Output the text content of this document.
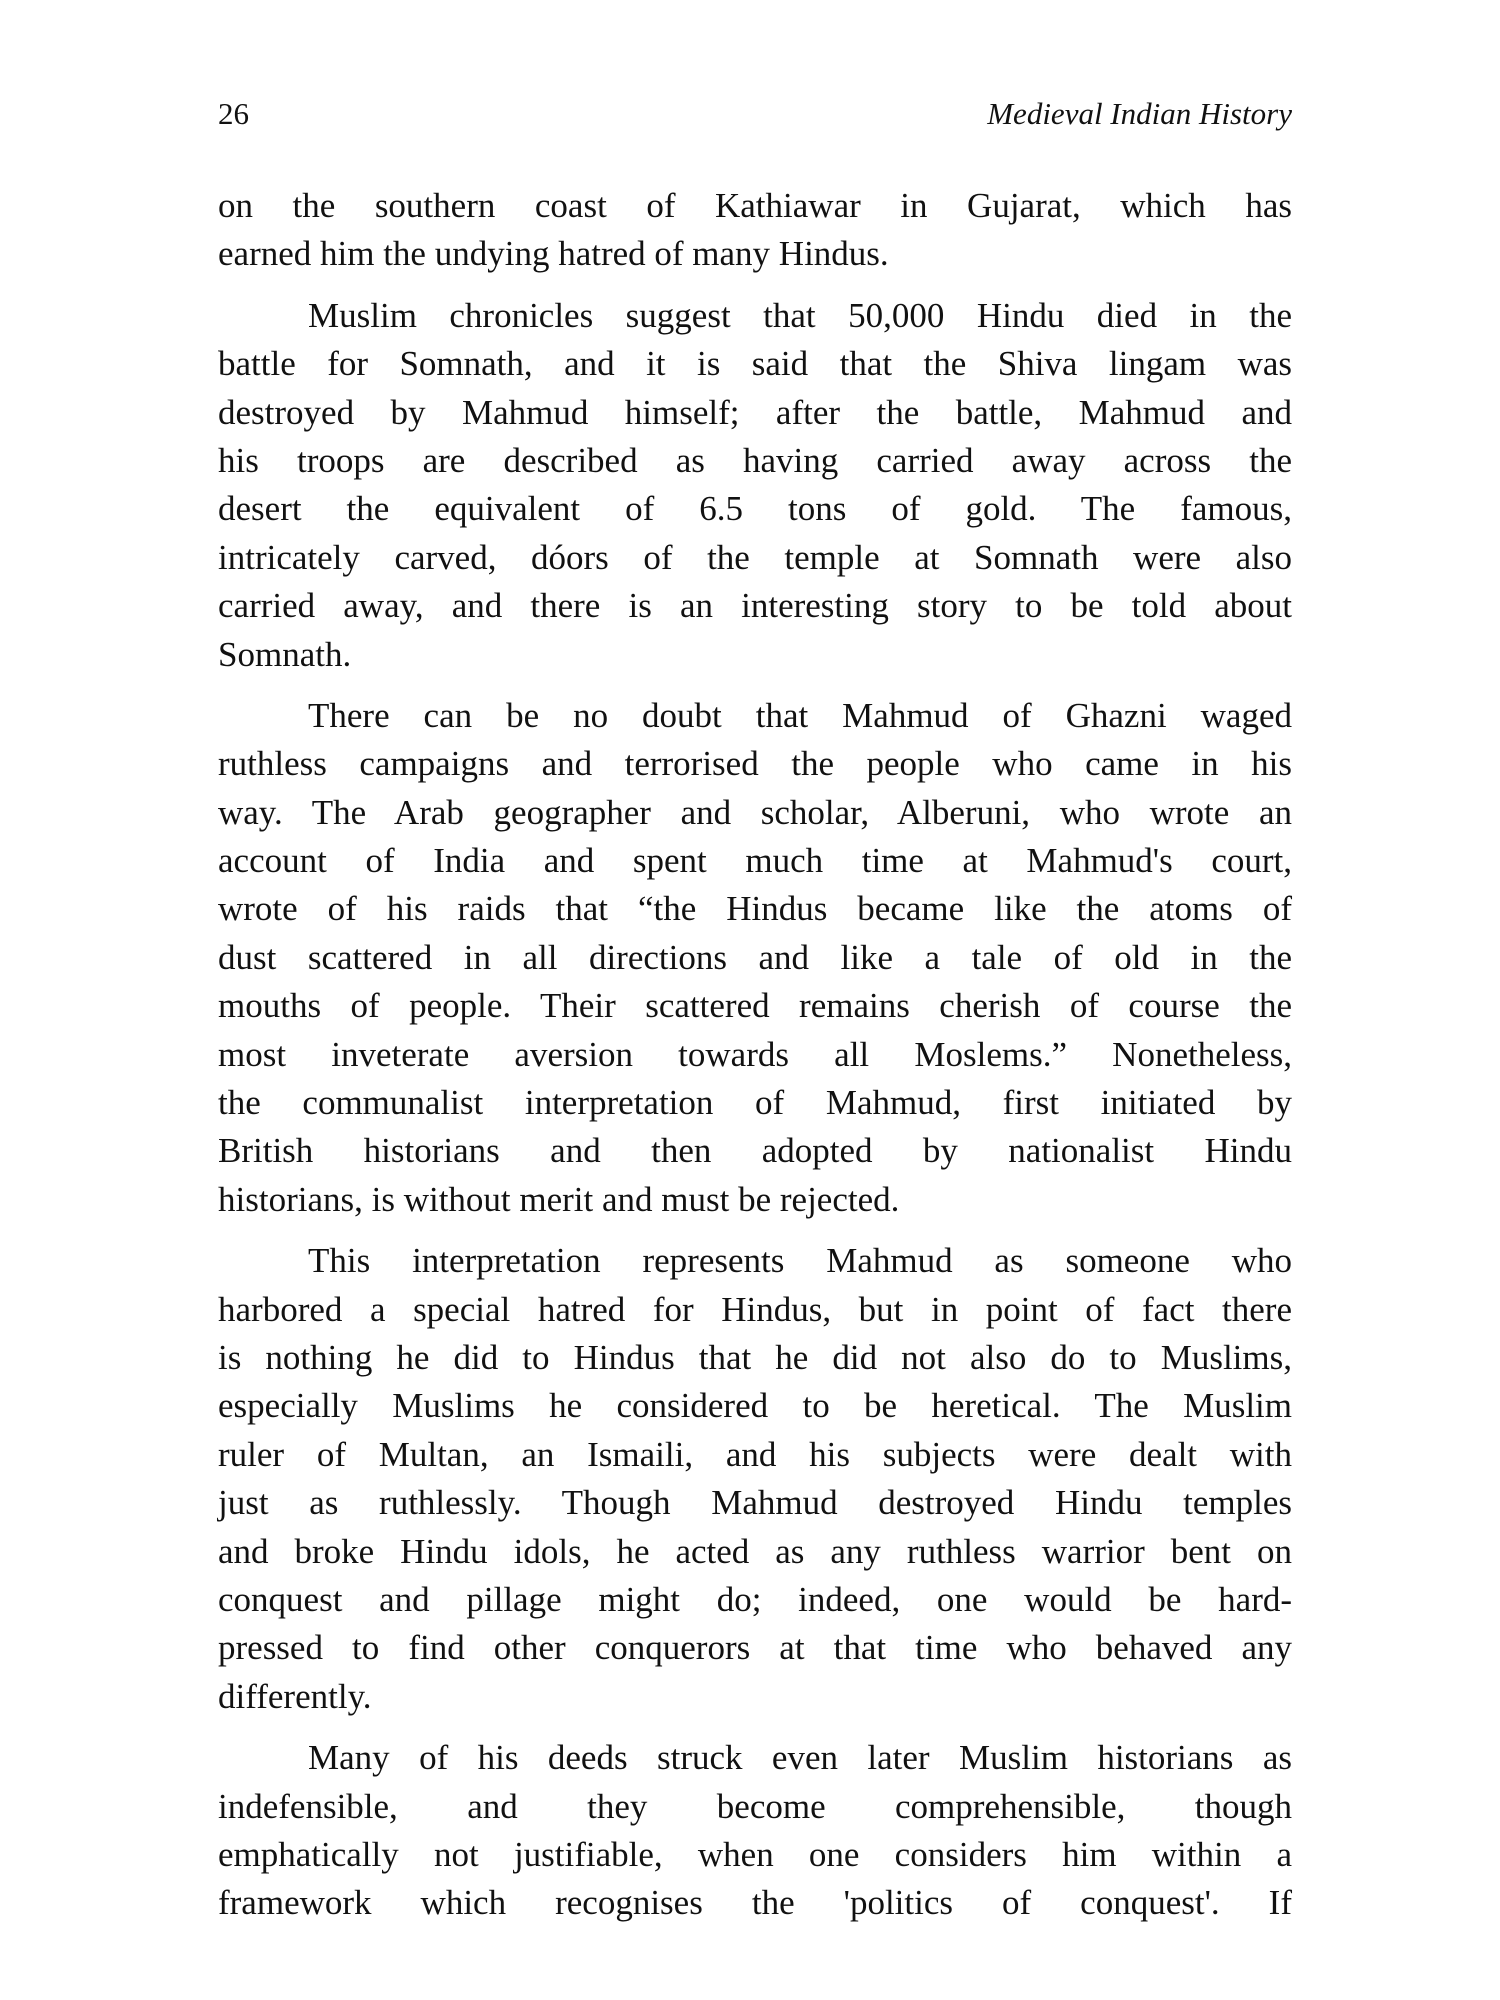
26	Medieval Indian History
on the southern coast of Kathiawar in Gujarat, which has
earned him the undying hatred of many Hindus.
Muslim chronicles suggest that 50,000 Hindu died in the
battle for Somnath, and it is said that the Shiva lingam was
destroyed by Mahmud himself; after the battle, Mahmud and
his troops are described as having carried away across the
desert the equivalent of 6.5 tons of gold. The famous,
intricately carved, dóors of the temple at Somnath were also
carried away, and there is an interesting story to be told about
Somnath.
There can be no doubt that Mahmud of Ghazni waged
ruthless campaigns and terrorised the people who came in his
way. The Arab geographer and scholar, Alberuni, who wrote an
account of India and spent much time at Mahmud's court,
wrote of his raids that “the Hindus became like the atoms of
dust scattered in all directions and like a tale of old in the
mouths of people. Their scattered remains cherish of course the
most inveterate aversion towards all Moslems.” Nonetheless,
the communalist interpretation of Mahmud, first initiated by
British historians and then adopted by nationalist Hindu
historians, is without merit and must be rejected.
This interpretation represents Mahmud as someone who
harbored a special hatred for Hindus, but in point of fact there
is nothing he did to Hindus that he did not also do to Muslims,
especially Muslims he considered to be heretical. The Muslim
ruler of Multan, an Ismaili, and his subjects were dealt with
just as ruthlessly. Though Mahmud destroyed Hindu temples
and broke Hindu idols, he acted as any ruthless warrior bent on
conquest and pillage might do; indeed, one would be hard-
pressed to find other conquerors at that time who behaved any
differently.
Many of his deeds struck even later Muslim historians as
indefensible, and they become comprehensible, though
emphatically not justifiable, when one considers him within a
framework which recognises the 'politics of conquest'. If
